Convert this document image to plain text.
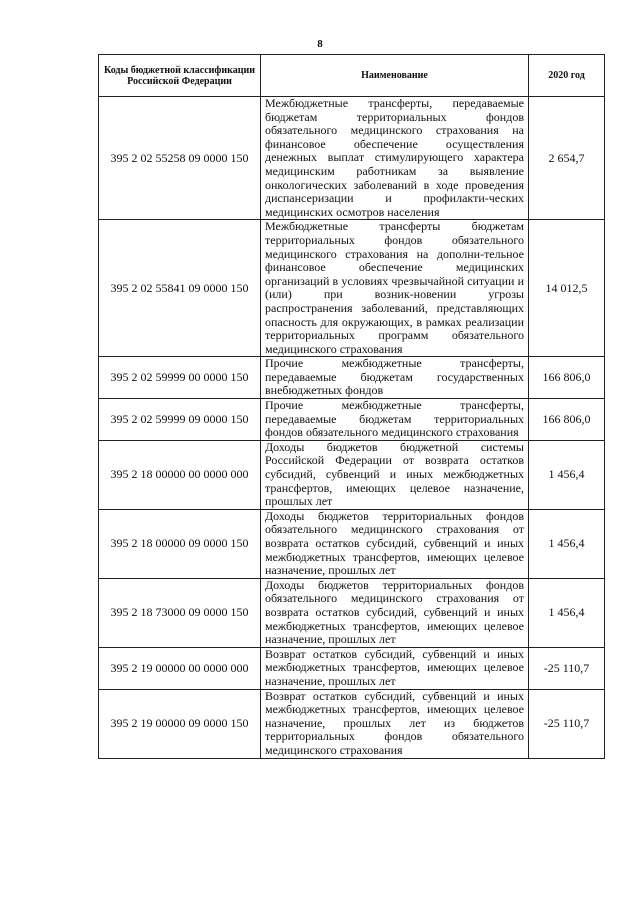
8
Коды бюджетной классификации Российской Федерации	Наименование	2020 год
395 2 02 55258 09 0000 150	Межбюджетные трансферты, передаваемые бюджетам территориальных фондов обязательного медицинского страхования на финансовое обеспечение осуществления денежных выплат стимулирующего характера медицинским работникам за выявление онкологических заболеваний в ходе проведения диспансеризации и профилакти-ческих медицинских осмотров населения	2 654,7
395 2 02 55841 09 0000 150	Межбюджетные трансферты бюджетам территориальных фондов обязательного медицинского страхования на дополни-тельное финансовое обеспечение медицинских организаций в условиях чрезвычайной ситуации и (или) при возник-новении угрозы распространения заболеваний, представляющих опасность для окружающих, в рамках реализации территориальных программ обязательного медицинского страхования	14 012,5
395 2 02 59999 00 0000 150	Прочие межбюджетные трансферты, передаваемые бюджетам государственных внебюджетных фондов	166 806,0
395 2 02 59999 09 0000 150	Прочие межбюджетные трансферты, передаваемые бюджетам территориальных фондов обязательного медицинского страхования	166 806,0
395 2 18 00000 00 0000 000	Доходы бюджетов бюджетной системы Российской Федерации от возврата остатков субсидий, субвенций и иных межбюджетных трансфертов, имеющих целевое назначение, прошлых лет	1 456,4
395 2 18 00000 09 0000 150	Доходы бюджетов территориальных фондов обязательного медицинского страхования от возврата остатков субсидий, субвенций и иных межбюджетных трансфертов, имеющих целевое назначение, прошлых лет	1 456,4
395 2 18 73000 09 0000 150	Доходы бюджетов территориальных фондов обязательного медицинского страхования от возврата остатков субсидий, субвенций и иных межбюджетных трансфертов, имеющих целевое назначение, прошлых лет	1 456,4
395 2 19 00000 00 0000 000	Возврат остатков субсидий, субвенций и иных межбюджетных трансфертов, имеющих целевое назначение, прошлых лет	-25 110,7
395 2 19 00000 09 0000 150	Возврат остатков субсидий, субвенций и иных межбюджетных трансфертов, имеющих целевое назначение, прошлых лет из бюджетов территориальных фондов обязательного медицинского страхования	-25 110,7
